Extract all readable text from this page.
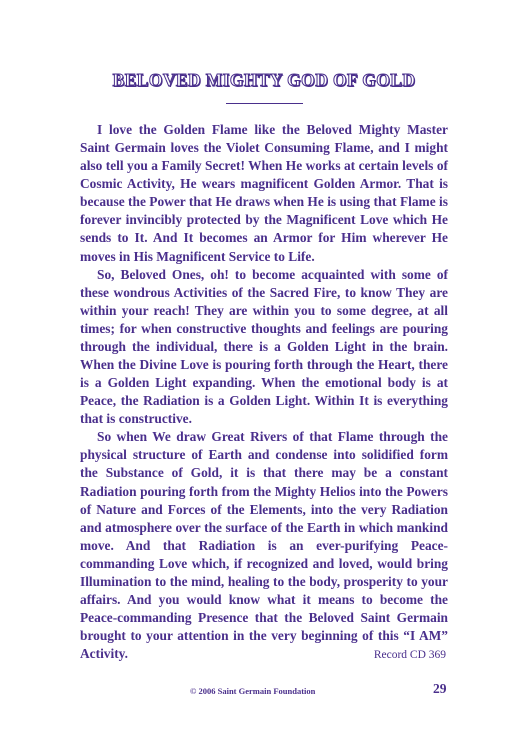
BELOVED MIGHTY GOD OF GOLD

I love the Golden Flame like the Beloved Mighty Master Saint Germain loves the Violet Consuming Flame, and I might also tell you a Family Secret! When He works at certain levels of Cosmic Activity, He wears magnificent Golden Armor. That is because the Power that He draws when He is using that Flame is forever invincibly protected by the Magnificent Love which He sends to It. And It becomes an Armor for Him wherever He moves in His Magnificent Service to Life.

So, Beloved Ones, oh! to become acquainted with some of these wondrous Activities of the Sacred Fire, to know They are within your reach! They are within you to some degree, at all times; for when constructive thoughts and feelings are pouring through the individual, there is a Golden Light in the brain. When the Divine Love is pouring forth through the Heart, there is a Golden Light expanding. When the emotional body is at Peace, the Radiation is a Golden Light. Within It is everything that is constructive.

So when We draw Great Rivers of that Flame through the physical structure of Earth and condense into solidified form the Substance of Gold, it is that there may be a constant Radiation pouring forth from the Mighty Helios into the Powers of Nature and Forces of the Elements, into the very Radiation and atmosphere over the surface of the Earth in which mankind move. And that Radiation is an ever-purifying Peace-commanding Love which, if recognized and loved, would bring Illumination to the mind, healing to the body, prosperity to your affairs. And you would know what it means to become the Peace-commanding Presence that the Beloved Saint Germain brought to your attention in the very beginning of this “I AM” Activity.	Record CD 369

© 2006 Saint Germain Foundation	29
